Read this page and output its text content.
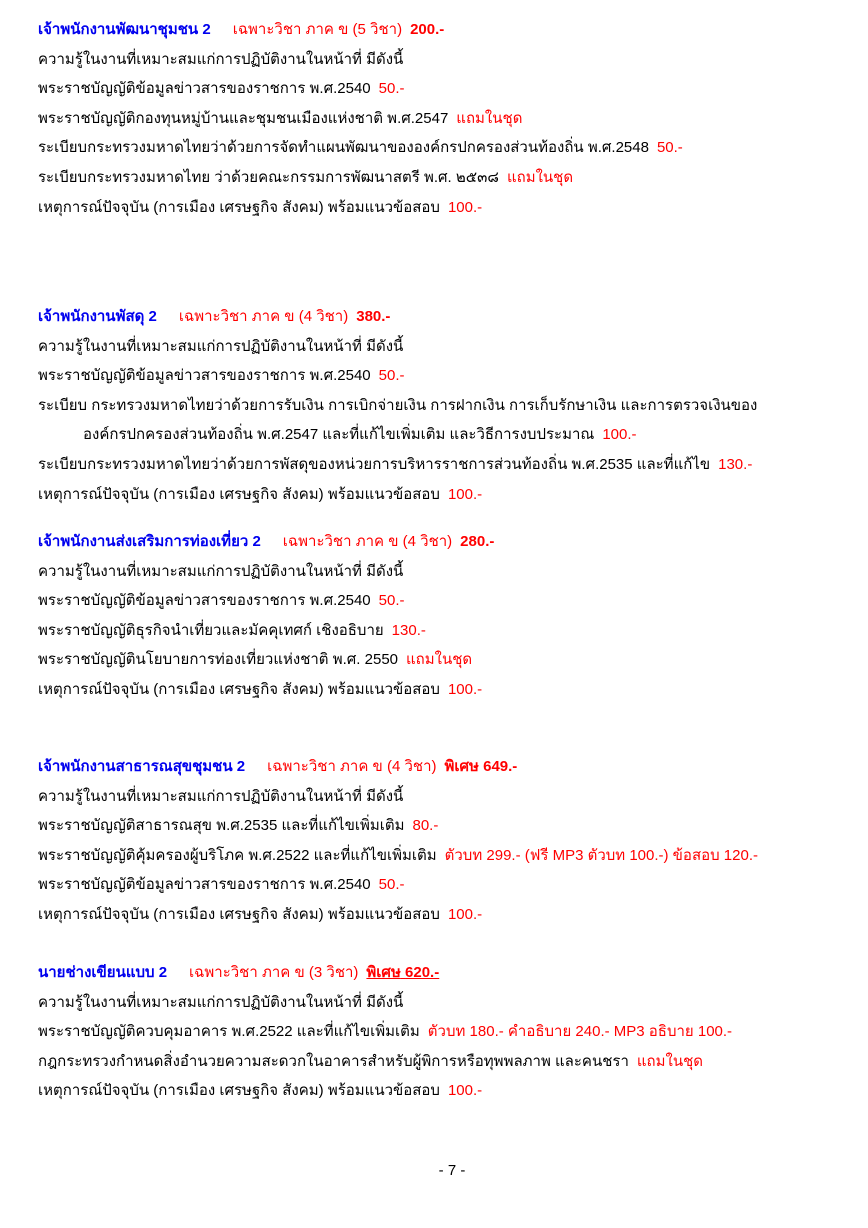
เจ้าพนักงานพัฒนาชุมชน 2 เฉพาะวิชา ภาค ข (5 วิชา) 200.-
ความรู้ในงานที่เหมาะสมแก่การปฏิบัติงานในหน้าที่ มีดังนี้
พระราชบัญญัติข้อมูลข่าวสารของราชการ พ.ศ.2540 50.-
พระราชบัญญัติกองทุนหมู่บ้านและชุมชนเมืองแห่งชาติ พ.ศ.2547 แถมในชุด
ระเบียบกระทรวงมหาดไทยว่าด้วยการจัดทำแผนพัฒนาขององค์กรปกครองส่วนท้องถิ่น พ.ศ.2548 50.-
ระเบียบกระทรวงมหาดไทย ว่าด้วยคณะกรรมการพัฒนาสตรี พ.ศ. ๒๕๓๘ แถมในชุด
เหตุการณ์ปัจจุบัน (การเมือง เศรษฐกิจ สังคม) พร้อมแนวข้อสอบ 100.-
เจ้าพนักงานพัสดุ 2 เฉพาะวิชา ภาค ข (4 วิชา) 380.-
ความรู้ในงานที่เหมาะสมแก่การปฏิบัติงานในหน้าที่ มีดังนี้
พระราชบัญญัติข้อมูลข่าวสารของราชการ พ.ศ.2540 50.-
ระเบียบ กระทรวงมหาดไทยว่าด้วยการรับเงิน การเบิกจ่ายเงิน การฝากเงิน การเก็บรักษาเงิน และการตรวจเงินของ
องค์กรปกครองส่วนท้องถิ่น พ.ศ.2547 และที่แก้ไขเพิ่มเติม และวิธีการงบประมาณ 100.-
ระเบียบกระทรวงมหาดไทยว่าด้วยการพัสดุของหน่วยการบริหารราชการส่วนท้องถิ่น พ.ศ.2535 และที่แก้ไข 130.-
เหตุการณ์ปัจจุบัน (การเมือง เศรษฐกิจ สังคม) พร้อมแนวข้อสอบ 100.-
เจ้าพนักงานส่งเสริมการท่องเที่ยว 2 เฉพาะวิชา ภาค ข (4 วิชา) 280.-
ความรู้ในงานที่เหมาะสมแก่การปฏิบัติงานในหน้าที่ มีดังนี้
พระราชบัญญัติข้อมูลข่าวสารของราชการ พ.ศ.2540 50.-
พระราชบัญญัติธุรกิจนำเที่ยวและมัคคุเทศก์ เชิงอธิบาย 130.-
พระราชบัญญัตินโยบายการท่องเที่ยวแห่งชาติ พ.ศ. 2550 แถมในชุด
เหตุการณ์ปัจจุบัน (การเมือง เศรษฐกิจ สังคม) พร้อมแนวข้อสอบ 100.-
เจ้าพนักงานสาธารณสุขชุมชน 2 เฉพาะวิชา ภาค ข (4 วิชา) พิเศษ 649.-
ความรู้ในงานที่เหมาะสมแก่การปฏิบัติงานในหน้าที่ มีดังนี้
พระราชบัญญัติสาธารณสุข พ.ศ.2535 และที่แก้ไขเพิ่มเติม 80.-
พระราชบัญญัติคุ้มครองผู้บริโภค พ.ศ.2522 และที่แก้ไขเพิ่มเติม ตัวบท 299.- (ฟรี MP3 ตัวบท 100.-) ข้อสอบ 120.-
พระราชบัญญัติข้อมูลข่าวสารของราชการ พ.ศ.2540 50.-
เหตุการณ์ปัจจุบัน (การเมือง เศรษฐกิจ สังคม) พร้อมแนวข้อสอบ 100.-
นายช่างเขียนแบบ 2 เฉพาะวิชา ภาค ข (3 วิชา) พิเศษ 620.-
ความรู้ในงานที่เหมาะสมแก่การปฏิบัติงานในหน้าที่ มีดังนี้
พระราชบัญญัติควบคุมอาคาร พ.ศ.2522 และที่แก้ไขเพิ่มเติม ตัวบท 180.- คำอธิบาย 240.- MP3 อธิบาย 100.-
กฎกระทรวงกำหนดสิ่งอำนวยความสะดวกในอาคารสำหรับผู้พิการหรือทุพพลภาพ และคนชรา แถมในชุด
เหตุการณ์ปัจจุบัน (การเมือง เศรษฐกิจ สังคม) พร้อมแนวข้อสอบ 100.-
- 7 -
